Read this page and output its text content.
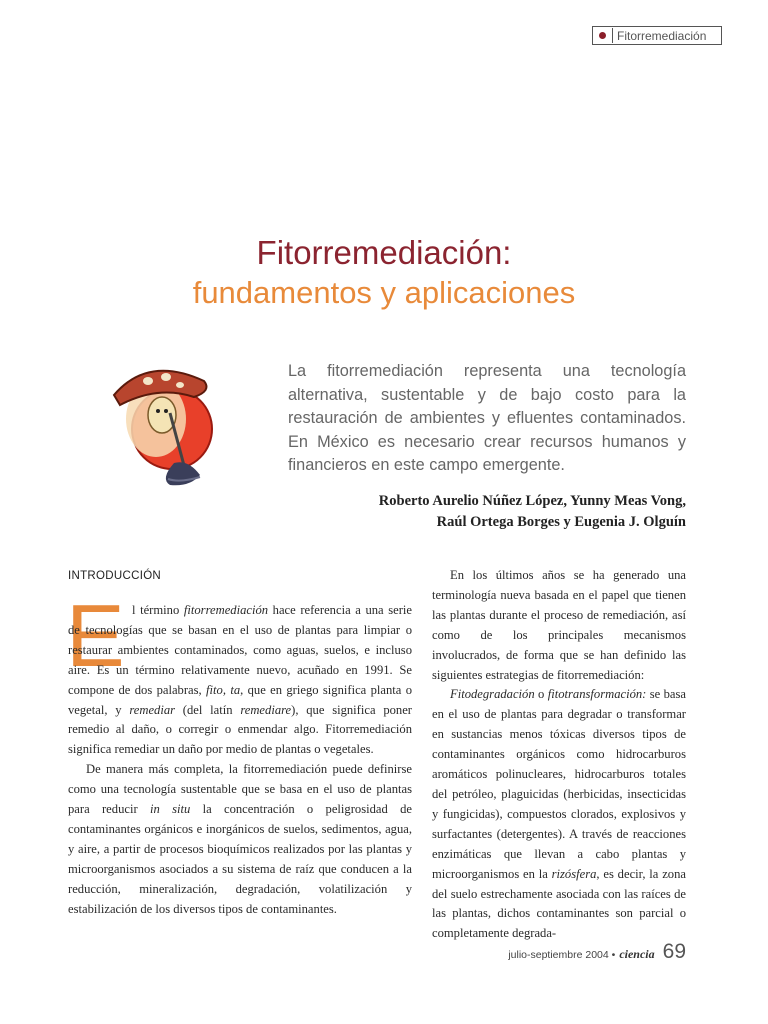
Fitorremediación
Fitorremediación:
fundamentos y aplicaciones
La fitorremediación representa una tecnología alternativa, sustentable y de bajo costo para la restauración de ambientes y efluentes contaminados. En México es necesario crear recursos humanos y financieros en este campo emergente.
Roberto Aurelio Núñez López, Yunny Meas Vong,
Raúl Ortega Borges y Eugenia J. Olguín
INTRODUCCIÓN
E l término fitorremediación hace referencia a una serie de tecnologías que se basan en el uso de plantas para limpiar o restaurar ambientes contaminados, como aguas, suelos, e incluso aire. Es un término relativamente nuevo, acuñado en 1991. Se compone de dos palabras, fito, ta, que en griego significa planta o vegetal, y remediar (del latín remediare), que significa poner remedio al daño, o corregir o enmendar algo. Fitorremediación significa remediar un daño por medio de plantas o vegetales.

De manera más completa, la fitorremediación puede definirse como una tecnología sustentable que se basa en el uso de plantas para reducir in situ la concentración o peligrosidad de contaminantes orgánicos e inorgánicos de suelos, sedimentos, agua, y aire, a partir de procesos bioquímicos realizados por las plantas y microorganismos asociados a su sistema de raíz que conducen a la reducción, mineralización, degradación, volatilización y estabilización de los diversos tipos de contaminantes.

En los últimos años se ha generado una terminología nueva basada en el papel que tienen las plantas durante el proceso de remediación, así como de los principales mecanismos involucrados, de forma que se han definido las siguientes estrategias de fitorremediación:

Fitodegradación o fitotransformación: se basa en el uso de plantas para degradar o transformar en sustancias menos tóxicas diversos tipos de contaminantes orgánicos como hidrocarburos aromáticos polinucleares, hidrocarburos totales del petróleo, plaguicidas (herbicidas, insecticidas y fungicidas), compuestos clorados, explosivos y surfactantes (detergentes). A través de reacciones enzimáticas que llevan a cabo plantas y microorganismos en la rizósfera, es decir, la zona del suelo estrechamente asociada con las raíces de las plantas, dichos contaminantes son parcial o completamente degrada-

julio-septiembre 2004 • ciencia 69
